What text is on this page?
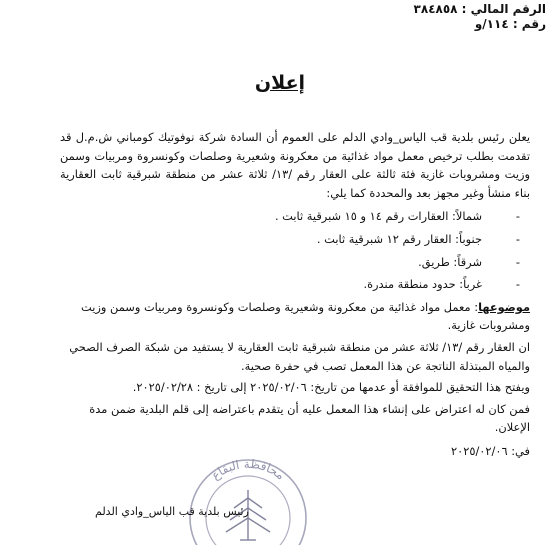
الرقم المالي : ٣٨٤٨٥٨
رقم : ١١٤/و
إعلان

يعلن رئيس بلدية قب الياس_وادي الدلم على العموم أن السادة شركة نوفوتيك كومباني ش.م.ل قد تقدمت بطلب ترخيص معمل مواد غذائية من معكرونة وشعيرية وصلصات وكونسروة ومربيات وسمن وزيت ومشروبات غازية فئة ثالثة على العقار رقم /١٣/ ثلاثة عشر من منطقة شبرقية ثابت العقارية بناء منشأ وغير مجهز بعد والمحددة كما يلي:

-
شمالاً: العقارات رقم ١٤ و ١٥ شبرقية ثابت .
-
جنوباً: العقار رقم ١٢ شبرقية ثابت .
-
شرقاً: طريق.
-
غرباً: حدود منطقة مندرة.

موضوعها: معمل مواد غذائية من معكرونة وشعيرية وصلصات وكونسروة ومربيات وسمن وزيت ومشروبات غازية.

ان العقار رقم /١٣/ ثلاثة عشر من منطقة شبرقية ثابت العقارية لا يستفيد من شبكة الصرف الصحي والمياه المبتذلة الناتجة عن هذا المعمل تصب في حفرة صحية.

ويفتح هذا التحقيق للموافقة أو عدمها من تاريخ: ٢٠٢٥/٠٢/٠٦ إلى تاريخ : ٢٠٢٥/٠٢/٢٨.

فمن كان له اعتراض على إنشاء هذا المعمل عليه أن يتقدم باعتراضه إلى قلم البلدية ضمن مدة الإعلان.

في: ٢٠٢٥/٠٢/٠٦

محافظة البقاع
رئيس بلدية قب الياس_وادي الدلم
